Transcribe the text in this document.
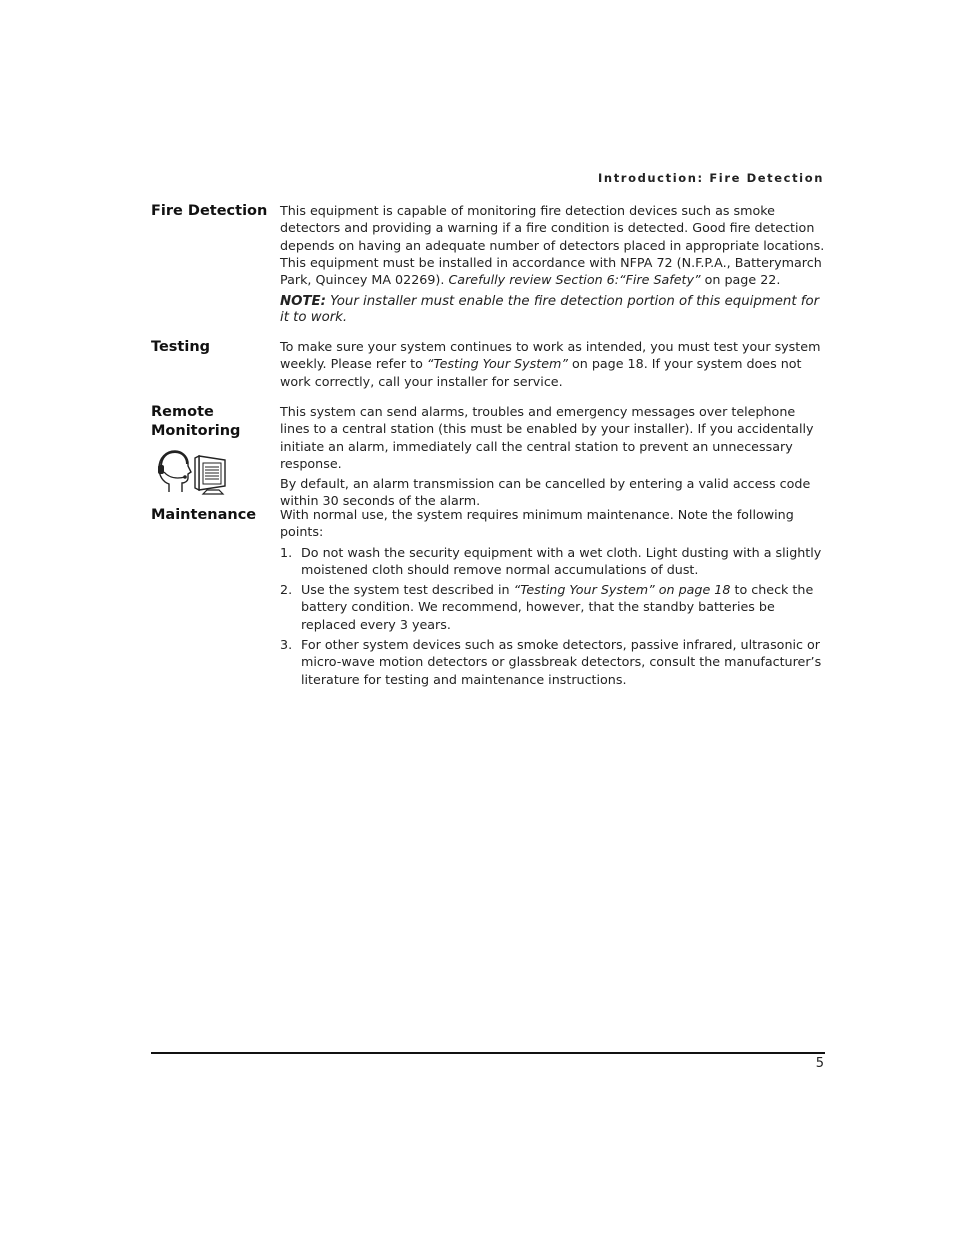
Introduction: Fire Detection
Fire Detection This equipment is capable of monitoring fire detection devices such as smoke detectors and providing a warning if a fire condition is detected. Good fire detection depends on having an adequate number of detectors placed in appropriate locations. This equipment must be installed in accordance with NFPA 72 (N.F.P.A., Batterymarch Park, Quincey MA 02269). Carefully review Section 6:“Fire Safety” on page 22.

NOTE: Your installer must enable the fire detection portion of this equipment for it to work.

Testing	To make sure your system continues to work as intended, you must test your system weekly. Please refer to “Testing Your System” on page 18. If your system does not work correctly, call your installer for service.

Remote Monitoring

This system can send alarms, troubles and emergency messages over telephone lines to a central station (this must be enabled by your installer). If you accidentally initiate an alarm, immediately call the central station to prevent an unnecessary response.

By default, an alarm transmission can be cancelled by entering a valid access code within 30 seconds of the alarm.

Maintenance	With normal use, the system requires minimum maintenance. Note the following points:

1. Do not wash the security equipment with a wet cloth. Light dusting with a slightly moistened cloth should remove normal accumulations of dust.
2. Use the system test described in “Testing Your System” on page 18 to check the battery condition. We recommend, however, that the standby batteries be replaced every 3 years.
3. For other system devices such as smoke detectors, passive infrared, ultrasonic or micro-wave motion detectors or glassbreak detectors, consult the manufacturer’s literature for testing and maintenance instructions.
5
